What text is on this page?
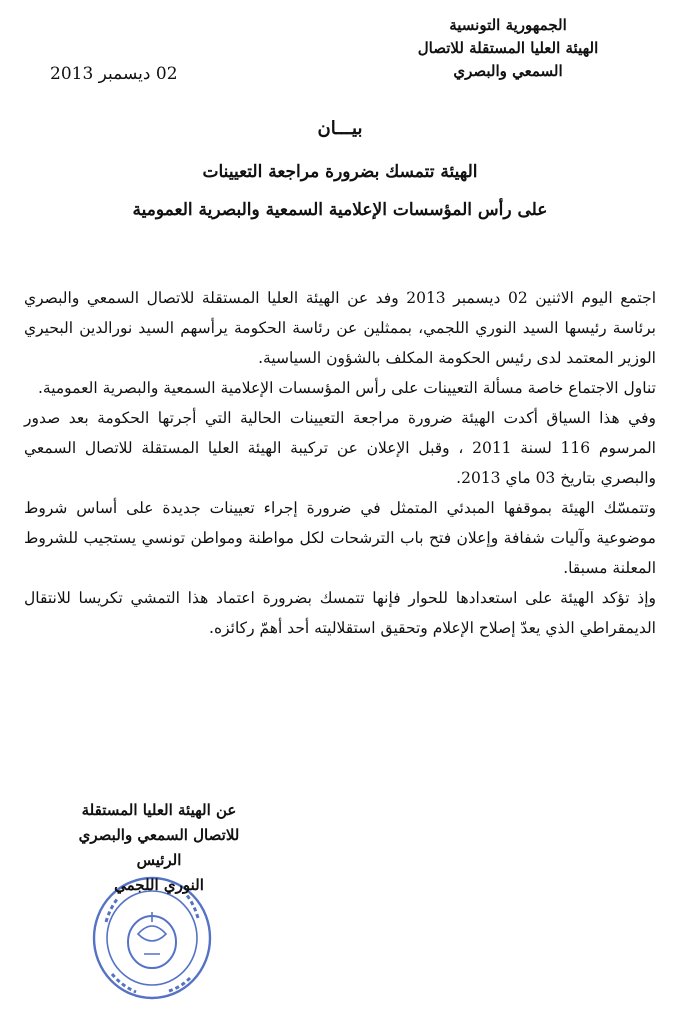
الجمهورية التونسية
الهيئة العليا المستقلة للاتصال
السمعي والبصري
02 ديسمبر 2013
بيـــان
الهيئة تتمسك بضرورة مراجعة التعيينات
على رأس المؤسسات الإعلامية السمعية والبصرية العمومية

اجتمع اليوم الاثنين 02 ديسمبر 2013 وفد عن الهيئة العليا المستقلة للاتصال السمعي والبصري برئاسة رئيسها السيد النوري اللجمي، بممثلين عن رئاسة الحكومة يرأسهم السيد نورالدين البحيري الوزير المعتمد لدى رئيس الحكومة المكلف بالشؤون السياسية.

تناول الاجتماع خاصة مسألة التعيينات على رأس المؤسسات الإعلامية السمعية والبصرية العمومية.

وفي هذا السياق أكدت الهيئة ضرورة مراجعة التعيينات الحالية التي أجرتها الحكومة بعد صدور المرسوم 116 لسنة 2011 ، وقبل الإعلان عن تركيبة الهيئة العليا المستقلة للاتصال السمعي والبصري بتاريخ 03 ماي 2013.

وتتمسّك الهيئة بموقفها المبدئي المتمثل في ضرورة إجراء تعيينات جديدة على أساس شروط موضوعية وآليات شفافة وإعلان فتح باب الترشحات لكل مواطنة ومواطن تونسي يستجيب للشروط المعلنة مسبقا.

وإذ تؤكد الهيئة على استعدادها للحوار فإنها تتمسك بضرورة اعتماد هذا التمشي تكريسا للانتقال الديمقراطي الذي يعدّ إصلاح الإعلام وتحقيق استقلاليته أحد أهمّ ركائزه.

عن الهيئة العليا المستقلة
للاتصال السمعي والبصري
الرئيس
النوري اللجمي
